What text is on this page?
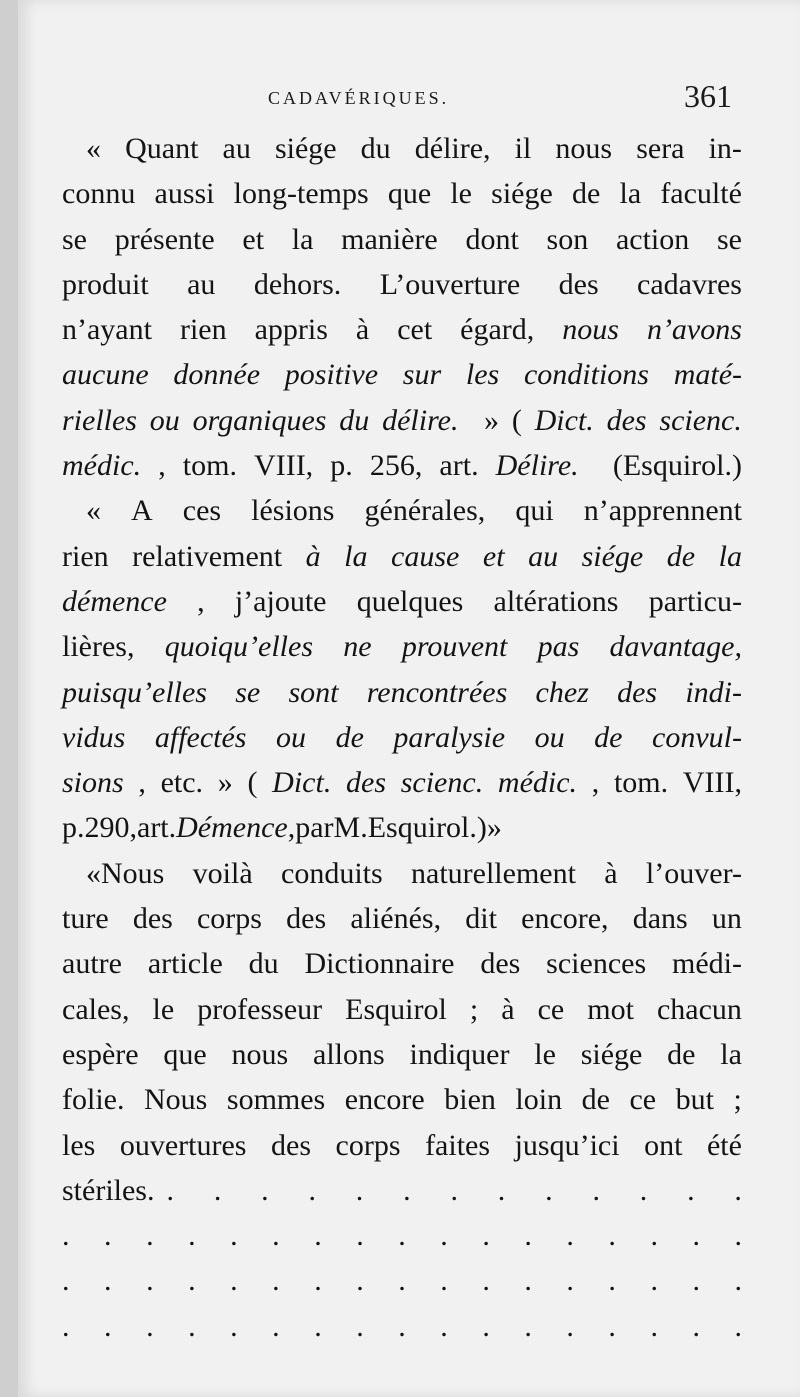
CADAVÉRIQUES.	361
« Quant au siége du délire, il nous sera in-
connu aussi long-temps que le siége de la faculté
se présente et la manière dont son action se
produit au dehors. L’ouverture des cadavres
n’ayant rien appris à cet égard, nous n’avons
aucune donnée positive sur les conditions maté-
rielles ou organiques du délire. » ( Dict. des scienc.
médic. , tom. VIII, p. 256, art. Délire. (Esquirol.)
« A ces lésions générales, qui n’apprennent
rien relativement à la cause et au siége de la
démence , j’ajoute quelques altérations particu-
lières, quoiqu’elles ne prouvent pas davantage,
puisqu’elles se sont rencontrées chez des indi-
vidus affectés ou de paralysie ou de convul-
sions , etc. » ( Dict. des scienc. médic. , tom. VIII,
p. 290, art. Démence , par M. Esquirol. ) »
«Nous voilà conduits naturellement à l’ouver-
ture des corps des aliénés, dit encore, dans un
autre article du Dictionnaire des sciences médi-
cales, le professeur Esquirol ; à ce mot chacun
espère que nous allons indiquer le siége de la
folie. Nous sommes encore bien loin de ce but ;
les ouvertures des corps faites jusqu’ici ont été
stériles. . . . . . . . . . . . . .
. . . . . . . . . . . . . . . . .
. . . . . . . . . . . . . . . . .
. . . . . . . . . . . . . . . . .
